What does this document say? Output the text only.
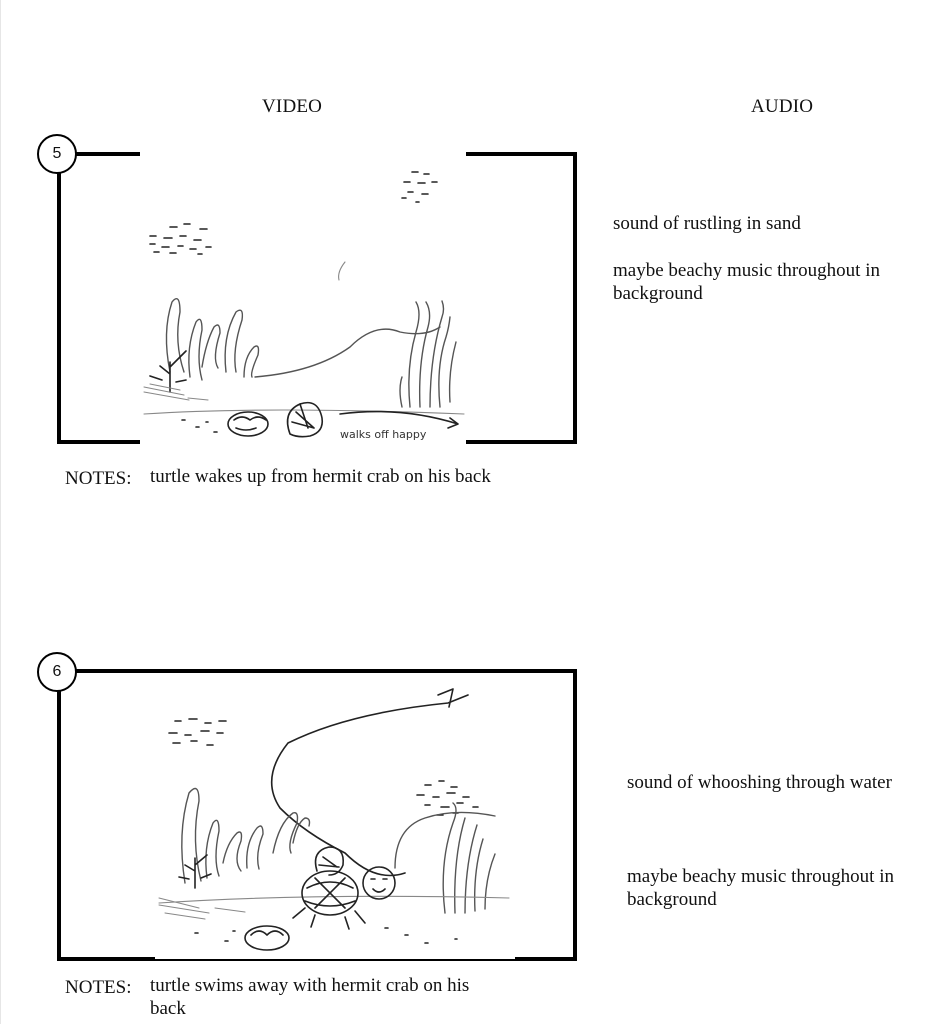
VIDEO	AUDIO
walks off happy
5
NOTES: turtle wakes up from hermit crab on his back
sound of rustling in sand
maybe beachy music throughout in background
6
NOTES: turtle swims away with hermit crab on his back
sound of whooshing through water
maybe beachy music throughout in background
